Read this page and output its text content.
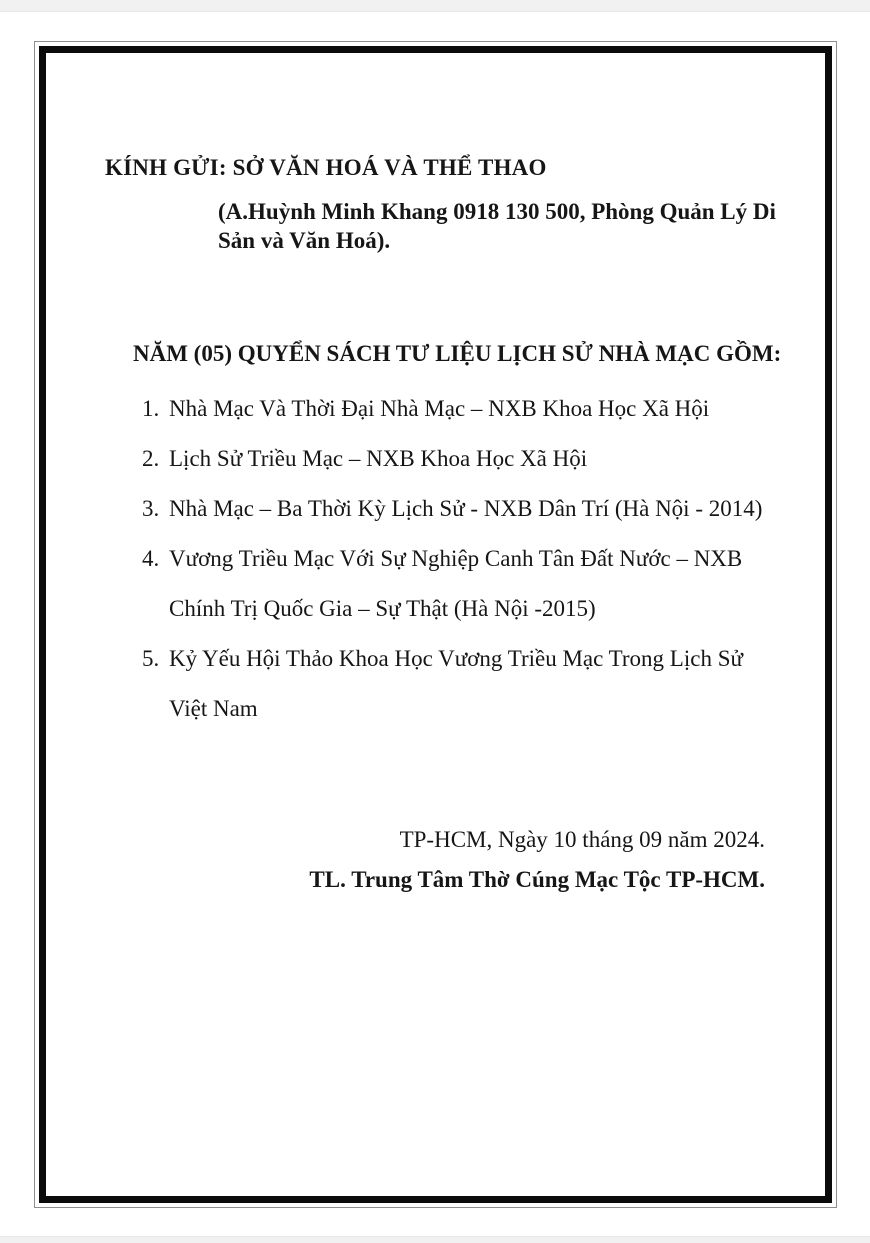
KÍNH GỬI: SỞ VĂN HOÁ VÀ THỂ THAO
(A.Huỳnh Minh Khang 0918 130 500, Phòng Quản Lý Di Sản và Văn Hoá).
NĂM (05) QUYỂN SÁCH TƯ LIỆU LỊCH SỬ NHÀ MẠC GỒM:
1. Nhà Mạc Và Thời Đại Nhà Mạc – NXB Khoa Học Xã Hội
2. Lịch Sử Triều Mạc – NXB Khoa Học Xã Hội
3. Nhà Mạc – Ba Thời Kỳ Lịch Sử - NXB Dân Trí (Hà Nội - 2014)
4. Vương Triều Mạc Với Sự Nghiệp Canh Tân Đất Nước – NXB Chính Trị Quốc Gia – Sự Thật (Hà Nội -2015)
5. Kỷ Yếu Hội Thảo Khoa Học Vương Triều Mạc Trong Lịch Sử Việt Nam
TP-HCM, Ngày 10 tháng 09 năm 2024.
TL. Trung Tâm Thờ Cúng Mạc Tộc TP-HCM.
